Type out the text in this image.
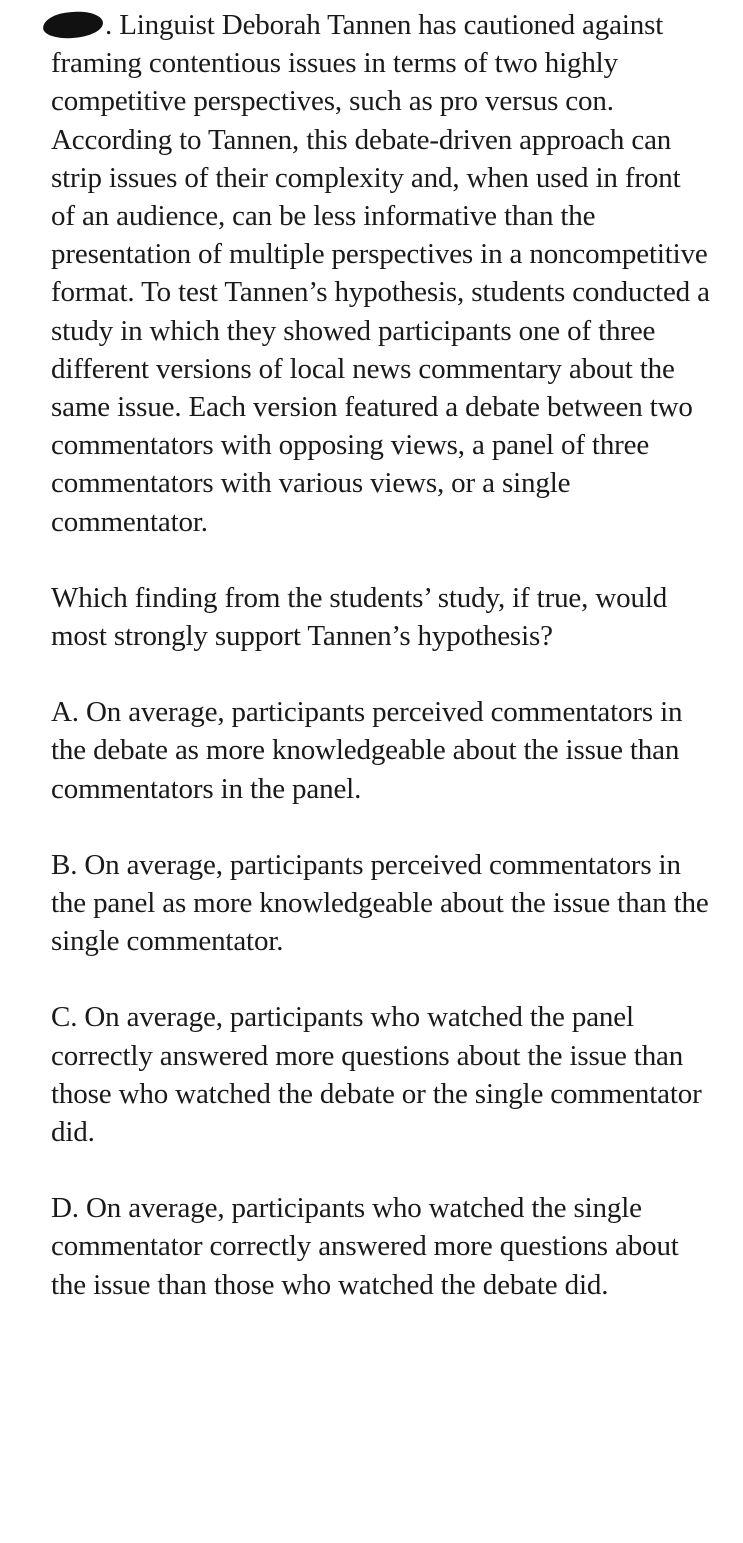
. Linguist Deborah Tannen has cautioned against framing contentious issues in terms of two highly competitive perspectives, such as pro versus con. According to Tannen, this debate-driven approach can strip issues of their complexity and, when used in front of an audience, can be less informative than the presentation of multiple perspectives in a noncompetitive format. To test Tannen’s hypothesis, students conducted a study in which they showed participants one of three different versions of local news commentary about the same issue. Each version featured a debate between two commentators with opposing views, a panel of three commentators with various views, or a single commentator.

Which finding from the students’ study, if true, would most strongly support Tannen’s hypothesis?

A. On average, participants perceived commentators in the debate as more knowledgeable about the issue than commentators in the panel.

B. On average, participants perceived commentators in the panel as more knowledgeable about the issue than the single commentator.

C. On average, participants who watched the panel correctly answered more questions about the issue than those who watched the debate or the single commentator did.

D. On average, participants who watched the single commentator correctly answered more questions about the issue than those who watched the debate did.
